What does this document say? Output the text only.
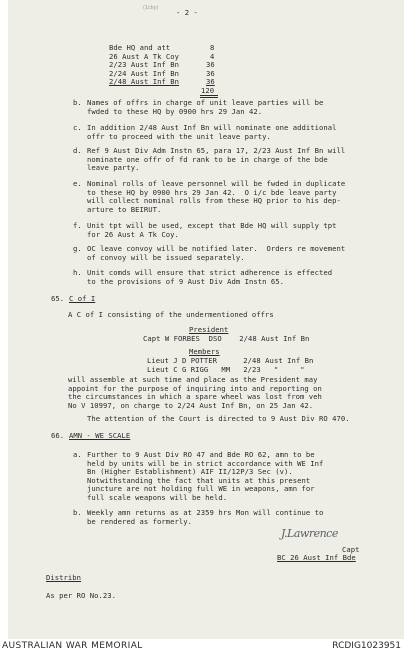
(1cky) - 2 -
Bde HQ and att	8
26 Aust A Tk Coy	4
2/23 Aust Inf Bn	36
2/24 Aust Inf Bn	36
2/48 Aust Inf Bn	36
120
b. Names of offrs in charge of unit leave parties will be
fwded to these HQ by 0900 hrs 29 Jan 42.
c. In addition 2/48 Aust Inf Bn will nominate one additional
offr to proceed with the unit leave party.
d. Ref 9 Aust Div Adm Instn 65, para 17, 2/23 Aust Inf Bn will
nominate one offr of fd rank to be in charge of the bde
leave party.
e. Nominal rolls of leave personnel will be fwded in duplicate
to these HQ by 0900 hrs 29 Jan 42.  O i/c bde leave party
will collect nominal rolls from these HQ prior to his dep-
arture to BEIRUT.
f. Unit tpt will be used, except that Bde HQ will supply tpt
for 26 Aust A Tk Coy.
g. OC leave convoy will be notified later.  Orders re movement
of convoy will be issued separately.
h. Unit comds will ensure that strict adherence is effected
to the provisions of 9 Aust Div Adm Instn 65.
65. C of I
A C of I consisting of the undermentioned offrs
President
Capt W FORBES  DSO    2/48 Aust Inf Bn
Members
Lieut J D POTTER      2/48 Aust Inf Bn
Lieut C G RIGG   MM   2/23   "     "
will assemble at such time and place as the President may
appoint for the purpose of inquiring into and reporting on
the circumstances in which a spare wheel was lost from veh
No V 10997, on charge to 2/24 Aust Inf Bn, on 25 Jan 42.
The attention of the Court is directed to 9 Aust Div RO 470.
66. AMN - WE SCALE
a. Further to 9 Aust Div RO 47 and Bde RO 62, amn to be
held by units will be in strict accordance with WE Inf
Bn (Higher Establishment) AIF II/12P/3 Sec (v).
Notwithstanding the fact that units at this present
juncture are not holding full WE in weapons, amn for
full scale weapons will be held.
b. Weekly amn returns as at 2359 hrs Mon will continue to
be rendered as formerly.
J.Lawrence
Capt
BC 26 Aust Inf Bde
Distribn
As per RO No.23.
AUSTRALIAN WAR MEMORIAL	RCDIG1023951
